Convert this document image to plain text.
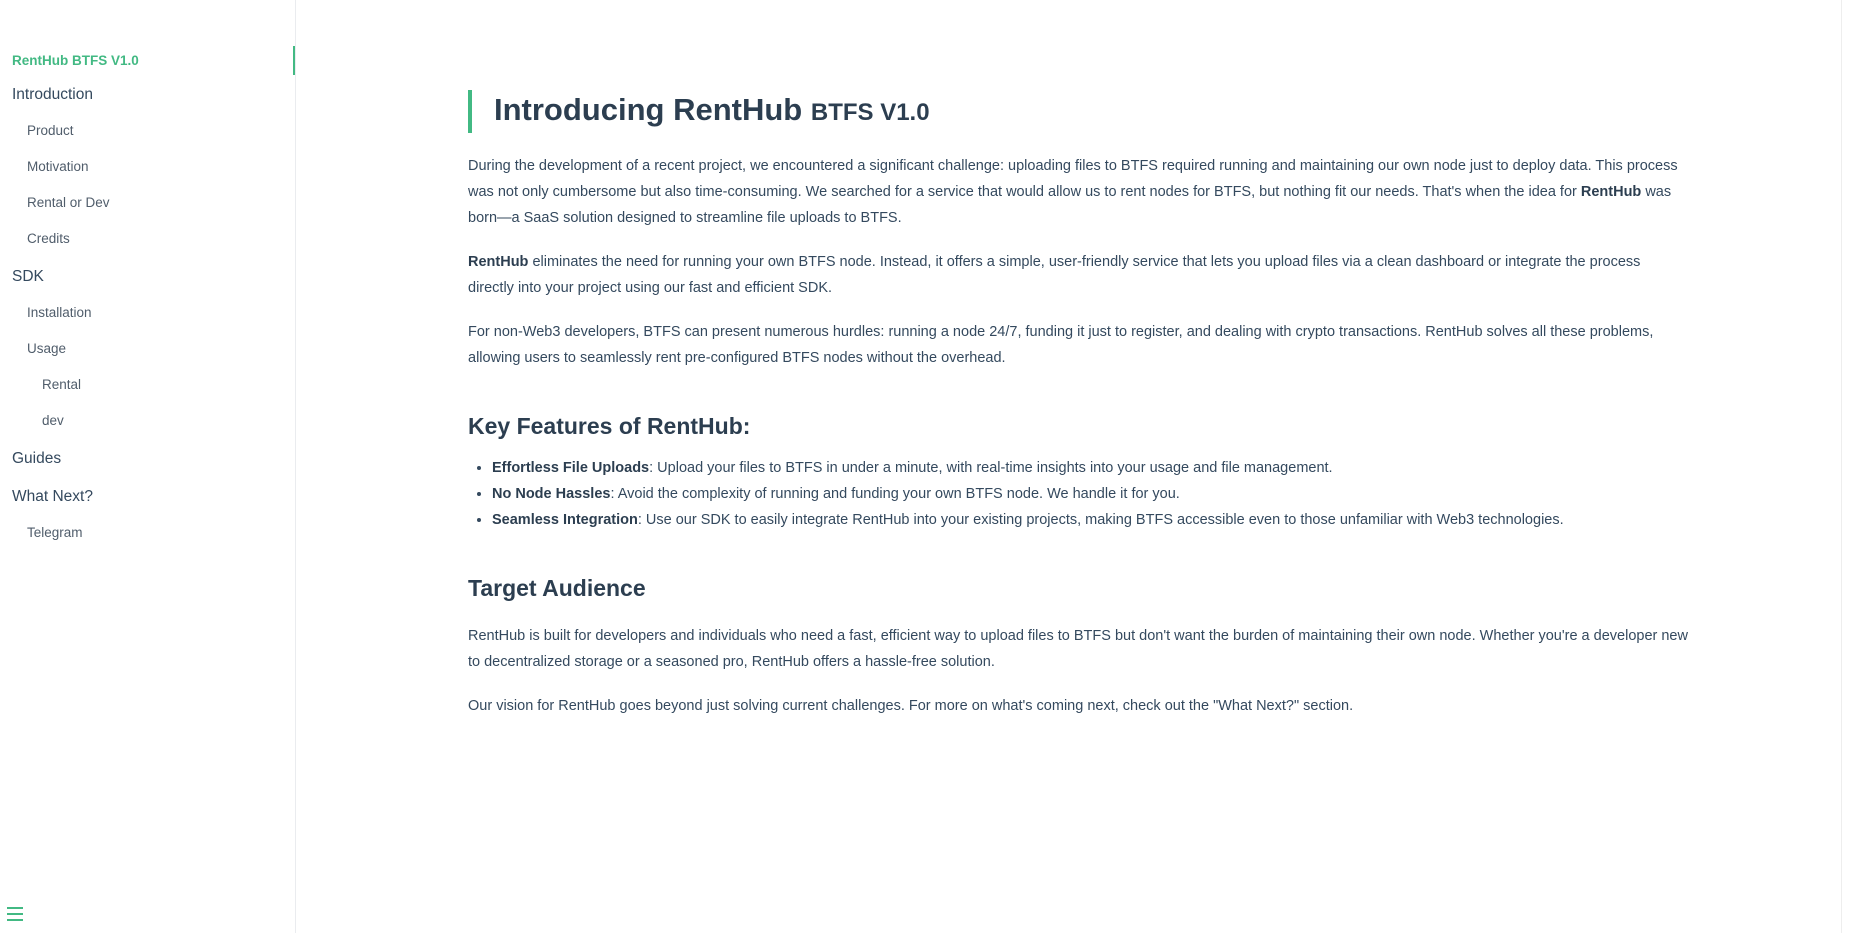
RentHub BTFS V1.0
Introduction
Product
Motivation
Rental or Dev
Credits
SDK
Installation
Usage
Rental
dev
Guides
What Next?
Telegram
Introducing RentHub BTFS V1.0

During the development of a recent project, we encountered a significant challenge: uploading files to BTFS required running and maintaining our own node just to deploy data. This process was not only cumbersome but also time-consuming. We searched for a service that would allow us to rent nodes for BTFS, but nothing fit our needs. That's when the idea for RentHub was born—a SaaS solution designed to streamline file uploads to BTFS.

RentHub eliminates the need for running your own BTFS node. Instead, it offers a simple, user-friendly service that lets you upload files via a clean dashboard or integrate the process directly into your project using our fast and efficient SDK.

For non-Web3 developers, BTFS can present numerous hurdles: running a node 24/7, funding it just to register, and dealing with crypto transactions. RentHub solves all these problems, allowing users to seamlessly rent pre-configured BTFS nodes without the overhead.

Key Features of RentHub:
• Effortless File Uploads: Upload your files to BTFS in under a minute, with real-time insights into your usage and file management.
• No Node Hassles: Avoid the complexity of running and funding your own BTFS node. We handle it for you.
• Seamless Integration: Use our SDK to easily integrate RentHub into your existing projects, making BTFS accessible even to those unfamiliar with Web3 technologies.
Target Audience

RentHub is built for developers and individuals who need a fast, efficient way to upload files to BTFS but don't want the burden of maintaining their own node. Whether you're a developer new to decentralized storage or a seasoned pro, RentHub offers a hassle-free solution.

Our vision for RentHub goes beyond just solving current challenges. For more on what's coming next, check out the "What Next?" section.
